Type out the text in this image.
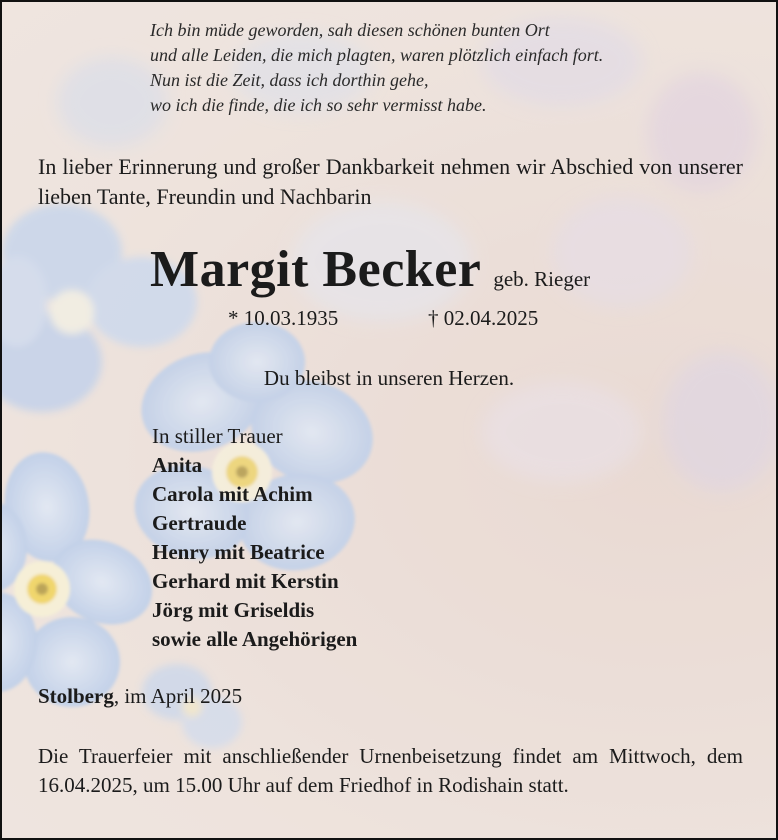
Ich bin müde geworden, sah diesen schönen bunten Ort
und alle Leiden, die mich plagten, waren plötzlich einfach fort.
Nun ist die Zeit, dass ich dorthin gehe,
wo ich die finde, die ich so sehr vermisst habe.
In lieber Erinnerung und großer Dankbarkeit nehmen wir Abschied von unserer lieben Tante, Freundin und Nachbarin
Margit Becker geb. Rieger
* 10.03.1935	† 02.04.2025
Du bleibst in unseren Herzen.
In stiller Trauer
Anita
Carola mit Achim
Gertraude
Henry mit Beatrice
Gerhard mit Kerstin
Jörg mit Griseldis
sowie alle Angehörigen
Stolberg, im April 2025
Die Trauerfeier mit anschließender Urnenbeisetzung findet am Mittwoch, dem 16.04.2025, um 15.00 Uhr auf dem Friedhof in Rodishain statt.
